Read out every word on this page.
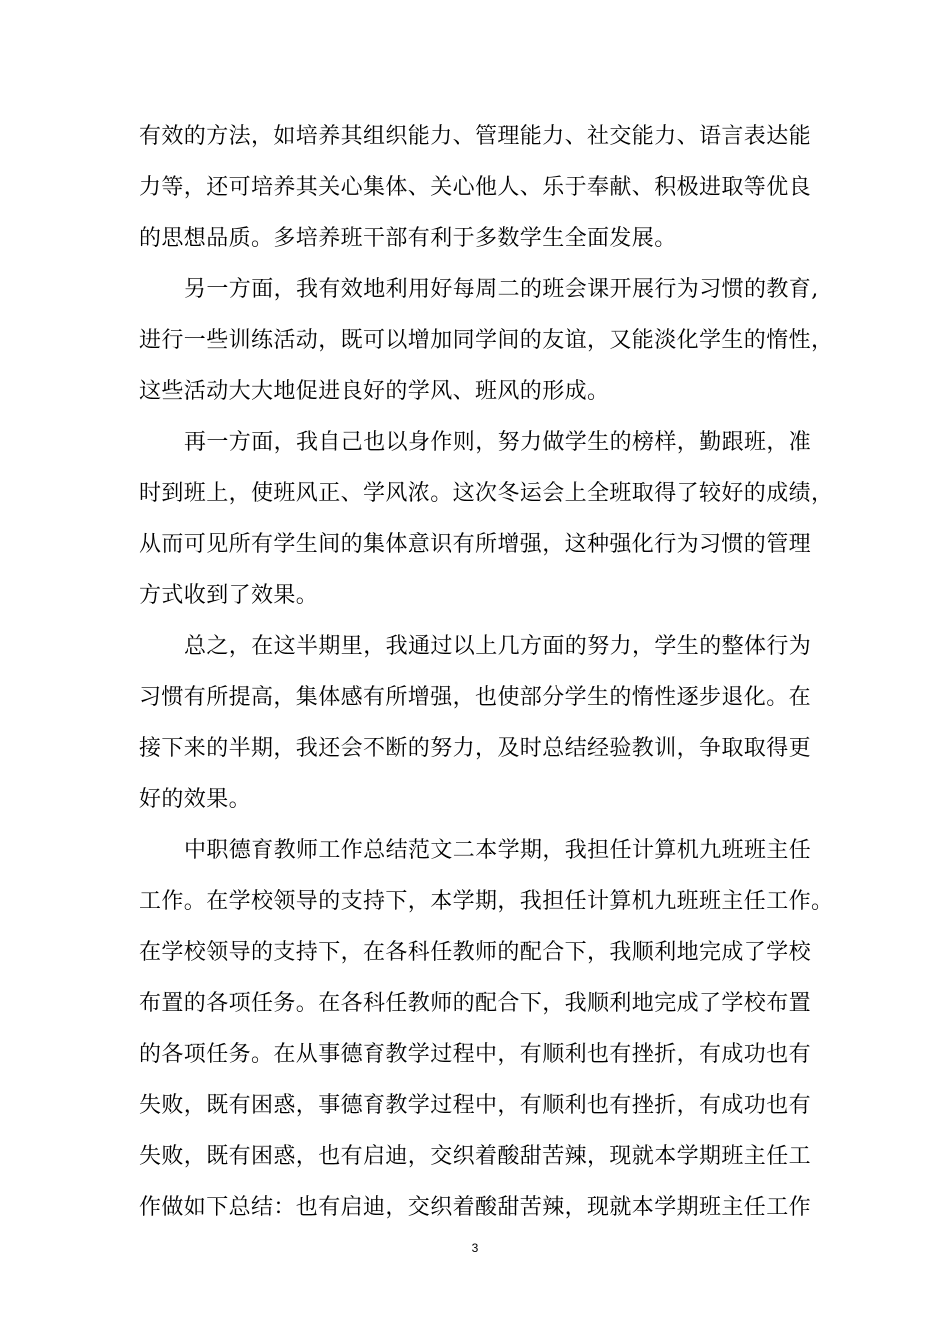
有效的方法，如培养其组织能力、管理能力、社交能力、语言表达能
力等，还可培养其关心集体、关心他人、乐于奉献、积极进取等优良
的思想品质。多培养班干部有利于多数学生全面发展。
另一方面，我有效地利用好每周二的班会课开展行为习惯的教育,
进行一些训练活动，既可以增加同学间的友谊，又能淡化学生的惰性，
这些活动大大地促进良好的学风、班风的形成。
再一方面，我自己也以身作则，努力做学生的榜样，勤跟班，准
时到班上，使班风正、学风浓。这次冬运会上全班取得了较好的成绩，
从而可见所有学生间的集体意识有所增强，这种强化行为习惯的管理
方式收到了效果。
总之，在这半期里，我通过以上几方面的努力，学生的整体行为
习惯有所提高，集体感有所增强，也使部分学生的惰性逐步退化。在
接下来的半期，我还会不断的努力，及时总结经验教训，争取取得更
好的效果。
中职德育教师工作总结范文二本学期，我担任计算机九班班主任
工作。在学校领导的支持下，本学期，我担任计算机九班班主任工作。
在学校领导的支持下，在各科任教师的配合下，我顺利地完成了学校
布置的各项任务。在各科任教师的配合下，我顺利地完成了学校布置
的各项任务。在从事德育教学过程中，有顺利也有挫折，有成功也有
失败，既有困惑，事德育教学过程中，有顺利也有挫折，有成功也有
失败，既有困惑，也有启迪，交织着酸甜苦辣，现就本学期班主任工
作做如下总结：也有启迪，交织着酸甜苦辣，现就本学期班主任工作
3
